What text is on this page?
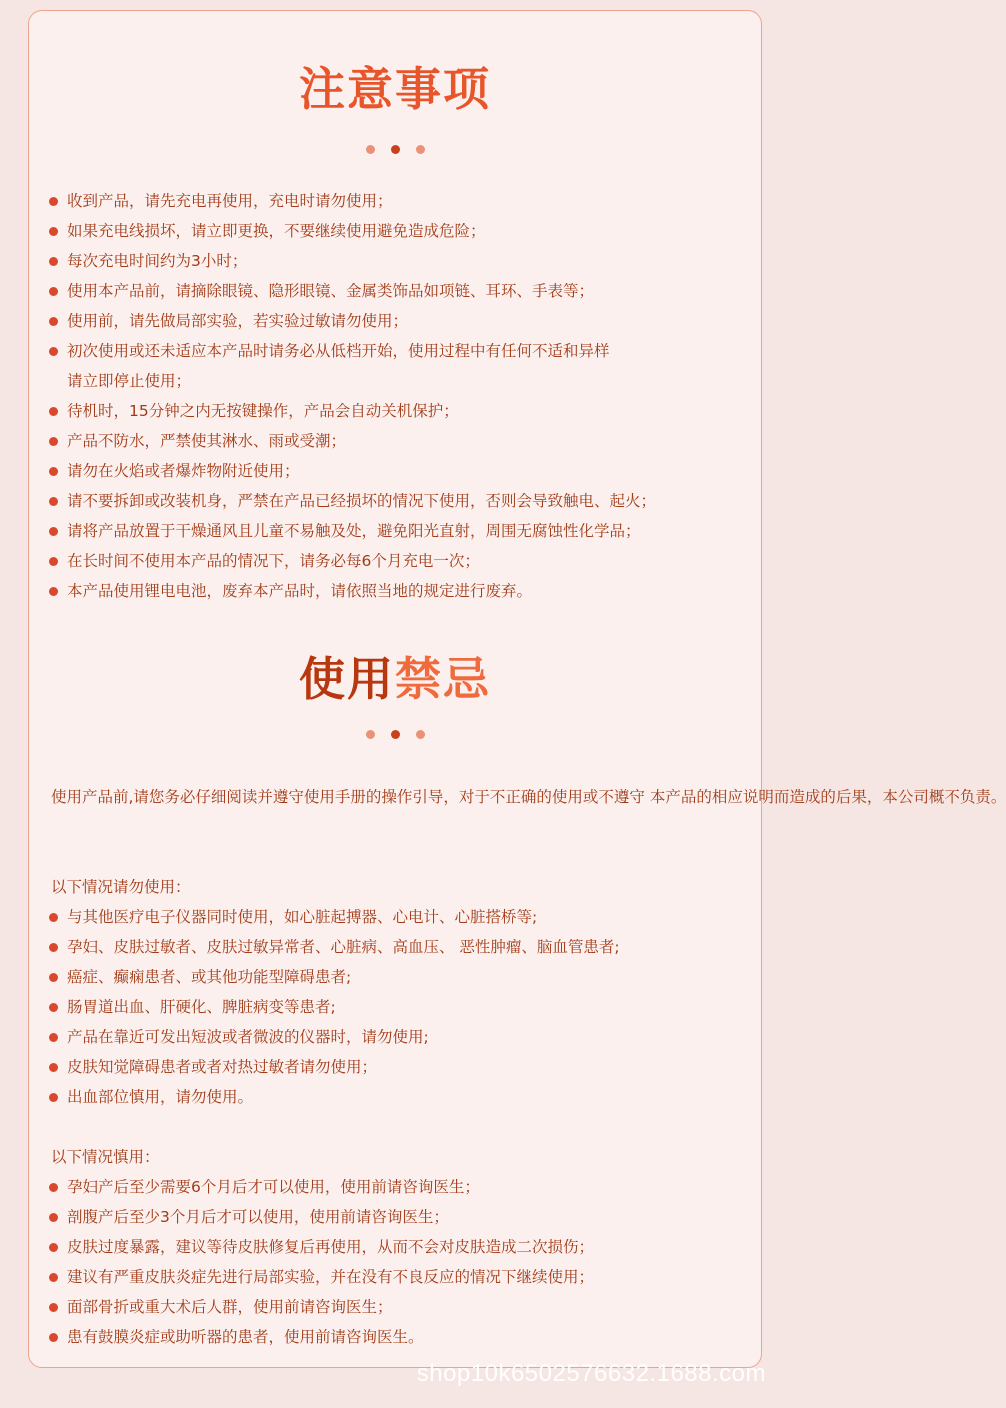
注意事项
收到产品，请先充电再使用，充电时请勿使用；
如果充电线损坏，请立即更换，不要继续使用避免造成危险；
每次充电时间约为3小时；
使用本产品前，请摘除眼镜、隐形眼镜、金属类饰品如项链、耳环、手表等；
使用前，请先做局部实验，若实验过敏请勿使用；
初次使用或还未适应本产品时请务必从低档开始，使用过程中有任何不适和异样
请立即停止使用；
待机时，15分钟之内无按键操作，产品会自动关机保护；
产品不防水，严禁使其淋水、雨或受潮；
请勿在火焰或者爆炸物附近使用；
请不要拆卸或改装机身，严禁在产品已经损坏的情况下使用，否则会导致触电、起火；
请将产品放置于干燥通风且儿童不易触及处，避免阳光直射，周围无腐蚀性化学品；
在长时间不使用本产品的情况下，请务必每6个月充电一次；
本产品使用锂电电池，废弃本产品时，请依照当地的规定进行废弃。
使用禁忌

使用产品前,请您务必仔细阅读并遵守使用手册的操作引导，对于不正确的使用或不遵守 本产品的相应说明而造成的后果，本公司概不负责。

以下情况请勿使用：

与其他医疗电子仪器同时使用，如心脏起搏器、心电计、心脏搭桥等;
孕妇、皮肤过敏者、皮肤过敏异常者、心脏病、高血压、 恶性肿瘤、脑血管患者;
癌症、癫痫患者、或其他功能型障碍患者;
肠胃道出血、肝硬化、脾脏病变等患者;
产品在靠近可发出短波或者微波的仪器时，请勿使用;
皮肤知觉障碍患者或者对热过敏者请勿使用；
出血部位慎用，请勿使用。

以下情况慎用：

孕妇产后至少需要6个月后才可以使用，使用前请咨询医生；
剖腹产后至少3个月后才可以使用，使用前请咨询医生；
皮肤过度暴露，建议等待皮肤修复后再使用，从而不会对皮肤造成二次损伤；
建议有严重皮肤炎症先进行局部实验，并在没有不良反应的情况下继续使用；
面部骨折或重大术后人群，使用前请咨询医生；
患有鼓膜炎症或助听器的患者，使用前请咨询医生。
shop10k6502576632.1688.com
